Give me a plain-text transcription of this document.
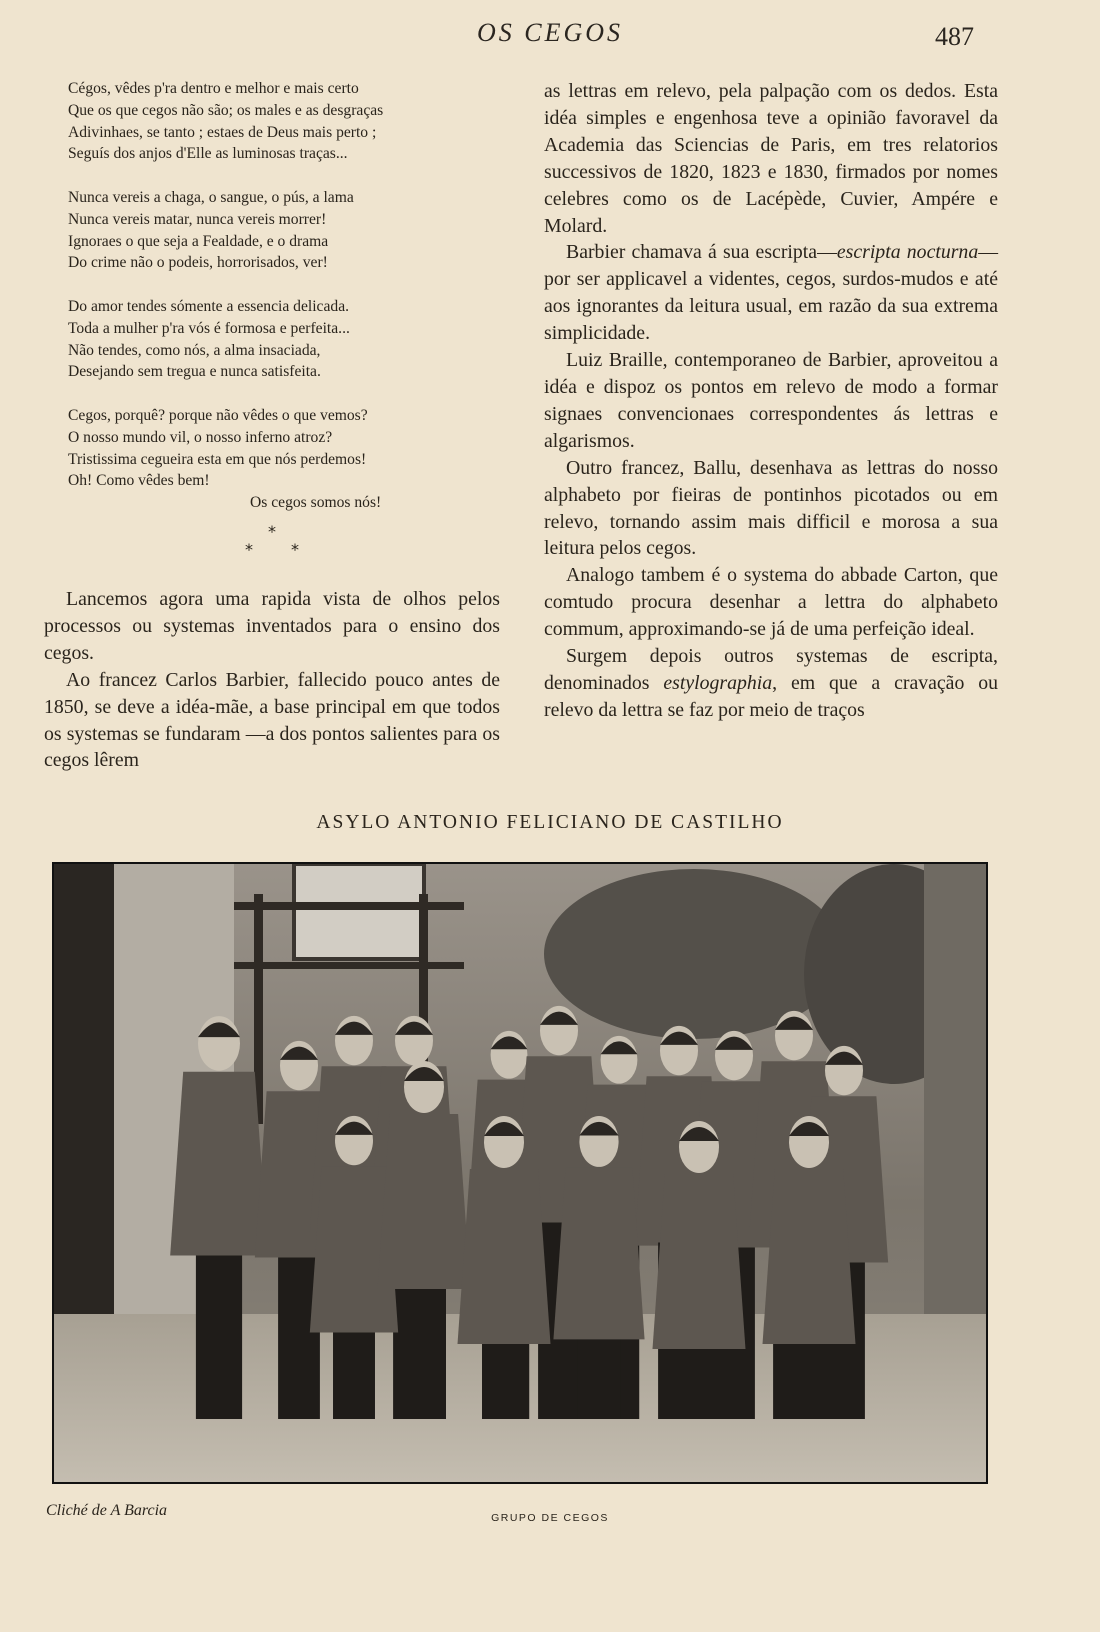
OS CEGOS	487
Cégos, vêdes p'ra dentro e melhor e mais certo
Que os que cegos não são; os males e as desgraças
Adivinhaes, se tanto ; estaes de Deus mais perto ;
Seguís dos anjos d'Elle as luminosas traças...
Nunca vereis a chaga, o sangue, o pús, a lama
Nunca vereis matar, nunca vereis morrer!
Ignoraes o que seja a Fealdade, e o drama
Do crime não o podeis, horrorisados, ver!
Do amor tendes sómente a essencia delicada.
Toda a mulher p'ra vós é formosa e perfeita...
Não tendes, como nós, a alma insaciada,
Desejando sem tregua e nunca satisfeita.
Cegos, porquê? porque não vêdes o que vemos?
O nosso mundo vil, o nosso inferno atroz?
Tristissima cegueira esta em que nós perdemos!
Oh! Como vêdes bem!
Os cegos somos nós!
*
* *

Lancemos agora uma rapida vista de olhos pelos processos ou systemas inventados para o ensino dos cegos.

Ao francez Carlos Barbier, fallecido pouco antes de 1850, se deve a idéa-mãe, a base principal em que todos os systemas se fundaram —a dos pontos salientes para os cegos lêrem

as lettras em relevo, pela palpação com os dedos. Esta idéa simples e engenhosa teve a opinião favoravel da Academia das Sciencias de Paris, em tres relatorios successivos de 1820, 1823 e 1830, firmados por nomes celebres como os de Lacépède, Cuvier, Ampére e Molard.

Barbier chamava á sua escripta—escripta nocturna— por ser applicavel a videntes, cegos, surdos-mudos e até aos ignorantes da leitura usual, em razão da sua extrema simplicidade.

Luiz Braille, contemporaneo de Barbier, aproveitou a idéa e dispoz os pontos em relevo de modo a formar signaes convencionaes correspondentes ás lettras e algarismos.

Outro francez, Ballu, desenhava as lettras do nosso alphabeto por fieiras de pontinhos picotados ou em relevo, tornando assim mais difficil e morosa a sua leitura pelos cegos.

Analogo tambem é o systema do abbade Carton, que comtudo procura desenhar a lettra do alphabeto commum, approximando-se já de uma perfeição ideal.

Surgem depois outros systemas de escripta, denominados estylographia, em que a cravação ou relevo da lettra se faz por meio de traços

ASYLO ANTONIO FELICIANO DE CASTILHO
Cliché de A Barcia	GRUPO DE CEGOS
